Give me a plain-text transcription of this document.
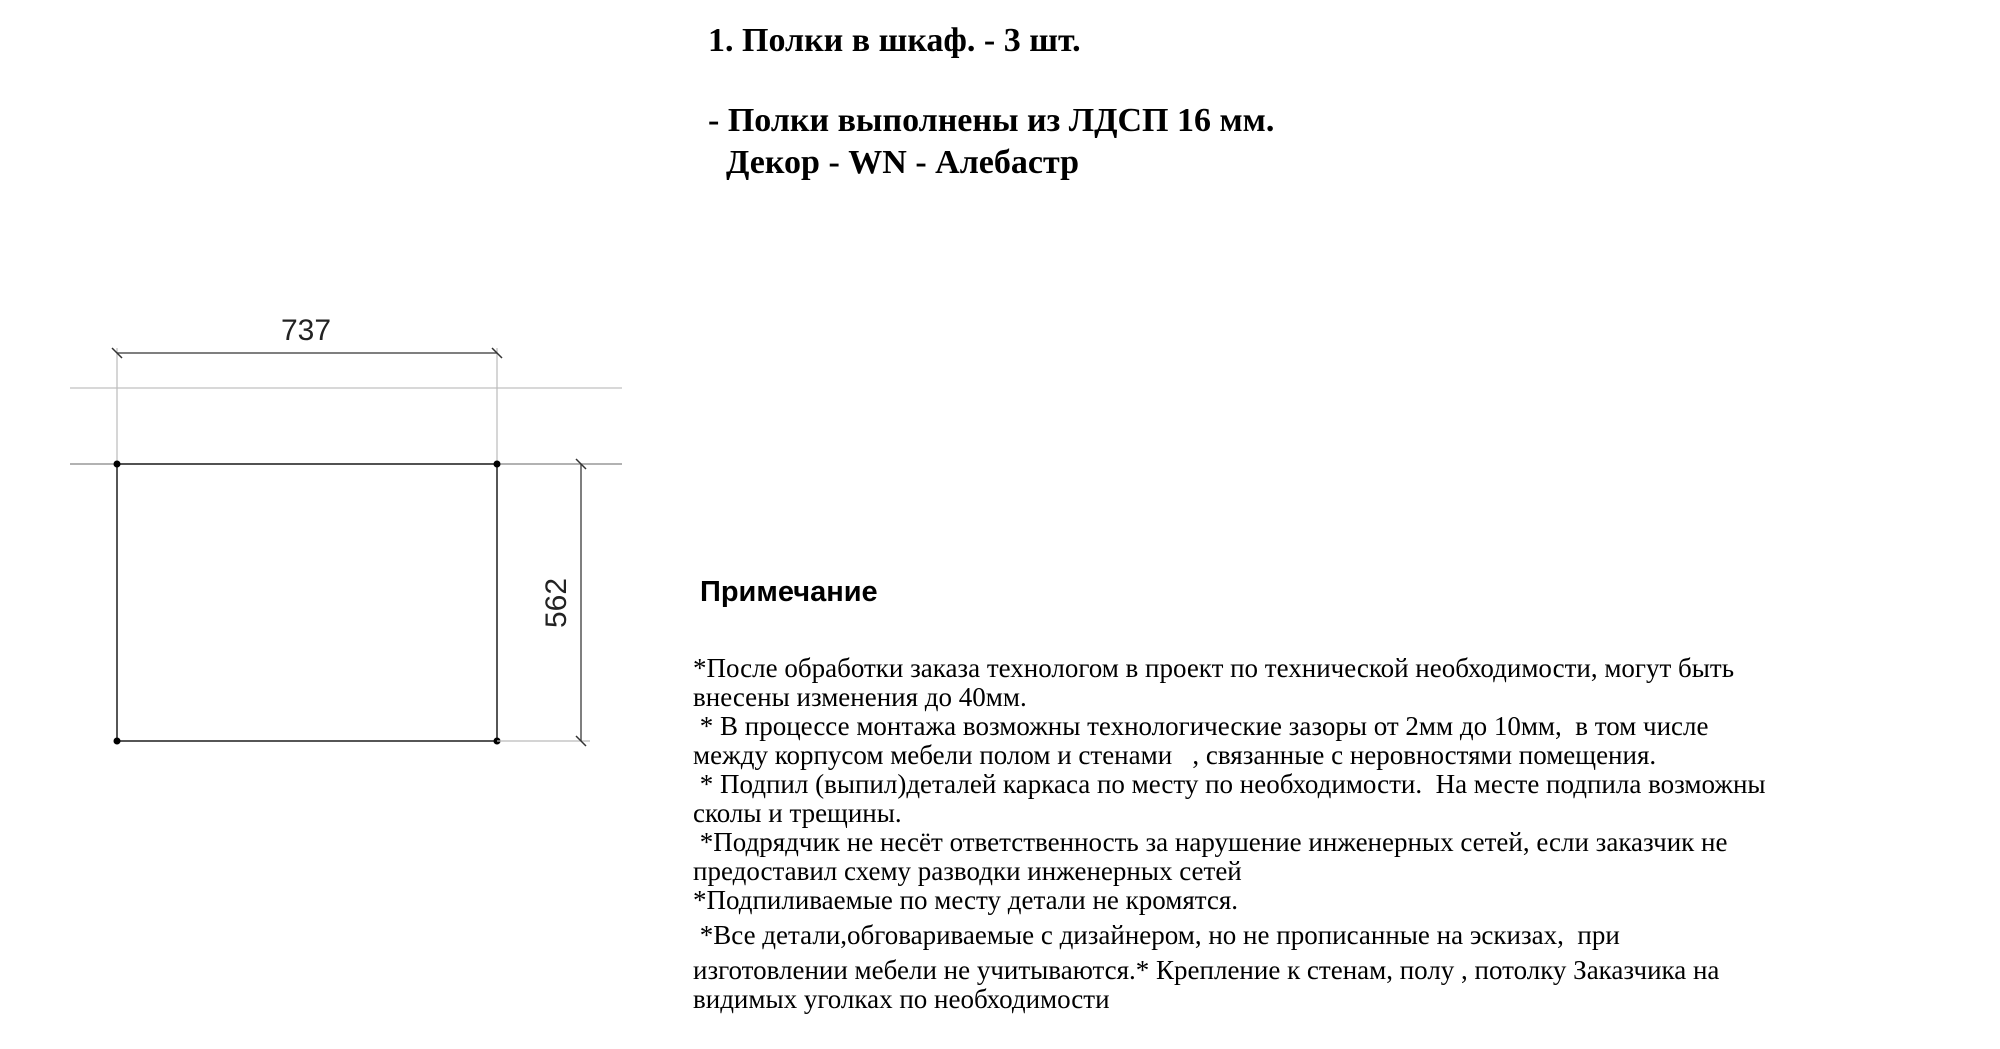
1. Полки в шкаф. - 3 шт.
- Полки выполнены из ЛДСП 16 мм.
Декор - WN - Алебастр
737
562	Примечание
*После обработки заказа технологом в проект по технической необходимости, могут быть
внесены изменения до 40мм.
* В процессе монтажа возможны технологические зазоры от 2мм до 10мм,  в том числе
между корпусом мебели полом и стенами   , связанные с неровностями помещения.
* Подпил (выпил)деталей каркаса по месту по необходимости.  На месте подпила возможны
сколы и трещины.
*Подрядчик не несёт ответственность за нарушение инженерных сетей, если заказчик не
предоставил схему разводки инженерных сетей
*Подпиливаемые по месту детали не кромятся.
*Все детали,обговариваемые с дизайнером, но не прописанные на эскизах,  при
изготовлении мебели не учитываются.* Крепление к стенам, полу , потолку Заказчика на
видимых уголках по необходимости
